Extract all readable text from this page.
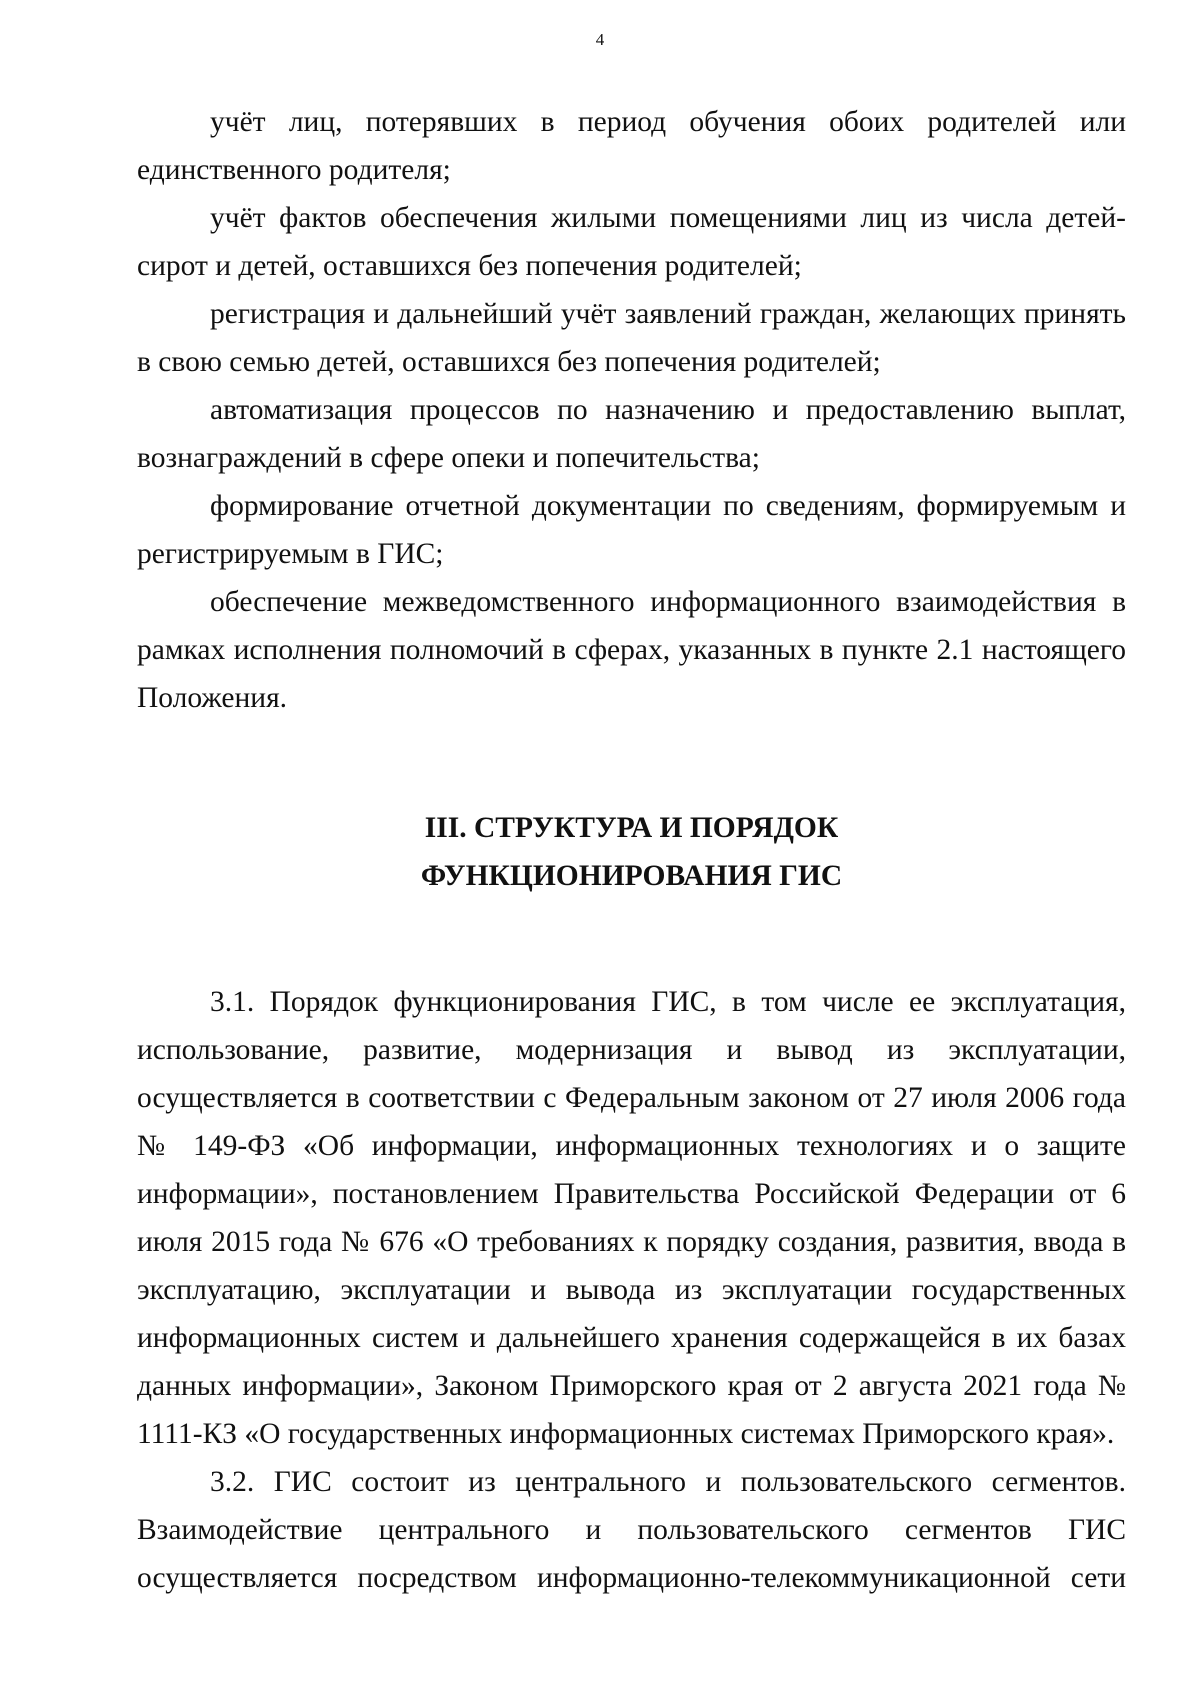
4

учёт лиц, потерявших в период обучения обоих родителей или единственного родителя;

учёт фактов обеспечения жилыми помещениями лиц из числа детей-сирот и детей, оставшихся без попечения родителей;

регистрация и дальнейший учёт заявлений граждан, желающих принять в свою семью детей, оставшихся без попечения родителей;

автоматизация процессов по назначению и предоставлению выплат, вознаграждений в сфере опеки и попечительства;

формирование отчетной документации по сведениям, формируемым и регистрируемым в ГИС;

обеспечение межведомственного информационного взаимодействия в рамках исполнения полномочий в сферах, указанных в пункте 2.1 настоящего Положения.

III. СТРУКТУРА И ПОРЯДОК
ФУНКЦИОНИРОВАНИЯ ГИС

3.1. Порядок функционирования ГИС, в том числе ее эксплуатация, использование, развитие, модернизация и вывод из эксплуатации, осуществляется в соответствии с Федеральным законом от 27 июля 2006 года № 149-ФЗ «Об информации, информационных технологиях и о защите информации», постановлением Правительства Российской Федерации от 6 июля 2015 года № 676 «О требованиях к порядку создания, развития, ввода в эксплуатацию, эксплуатации и вывода из эксплуатации государственных информационных систем и дальнейшего хранения содержащейся в их базах данных информации», Законом Приморского края от 2 августа 2021 года № 1111-КЗ «О государственных информационных системах Приморского края».

3.2. ГИС состоит из центрального и пользовательского сегментов. Взаимодействие центрального и пользовательского сегментов ГИС осуществляется посредством информационно-телекоммуникационной сети
